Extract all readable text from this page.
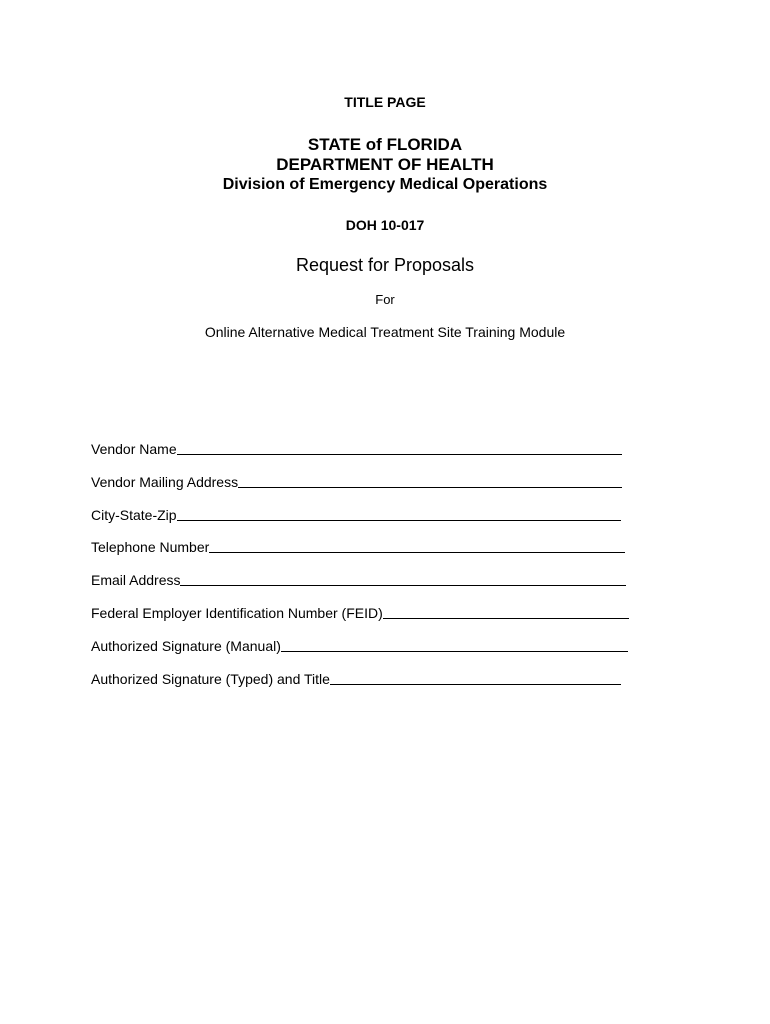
TITLE PAGE
STATE of FLORIDA
DEPARTMENT OF HEALTH
Division of Emergency Medical Operations
DOH 10-017
Request for Proposals
For
Online Alternative Medical Treatment Site Training Module
Vendor Name
Vendor Mailing Address
City-State-Zip
Telephone Number
Email Address
Federal Employer Identification Number (FEID)
Authorized Signature (Manual)
Authorized Signature (Typed) and Title
